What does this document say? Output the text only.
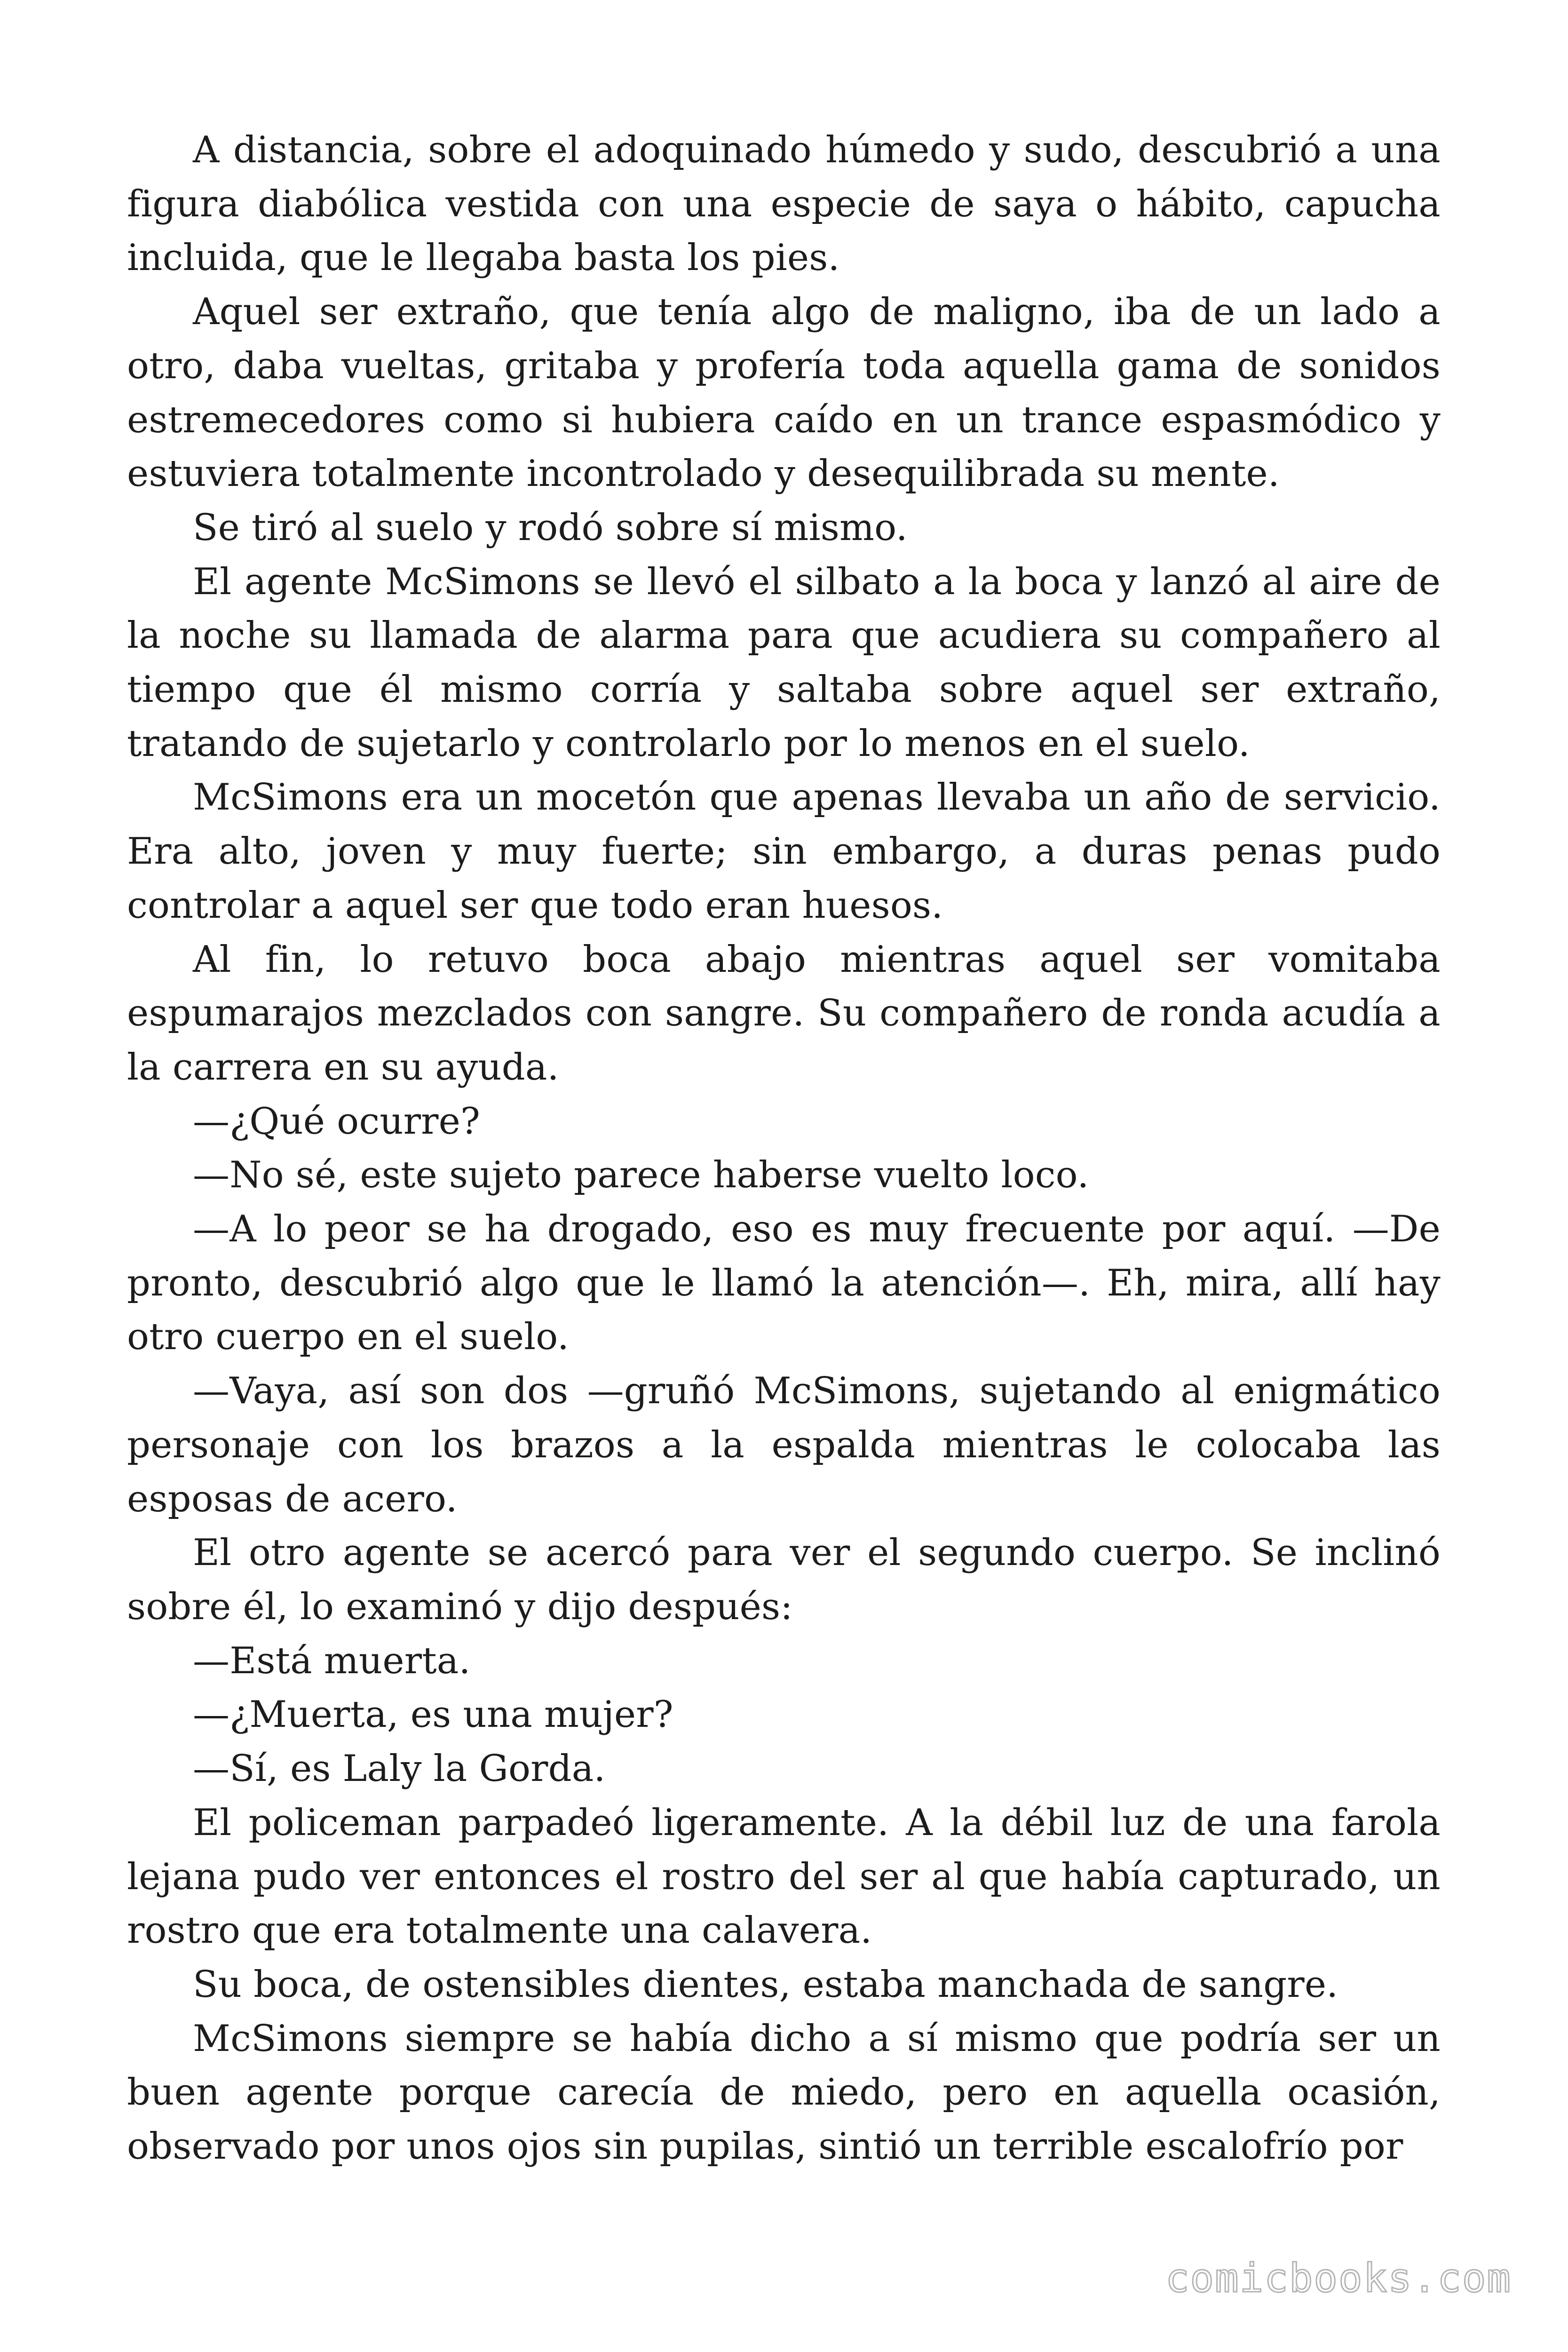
A distancia, sobre el adoquinado húmedo y sudo, descubrió a una figura diabólica vestida con una especie de saya o hábito, capucha incluida, que le llegaba basta los pies.

Aquel ser extraño, que tenía algo de maligno, iba de un lado a otro, daba vueltas, gritaba y profería toda aquella gama de sonidos estremecedores como si hubiera caído en un trance espasmódico y estuviera totalmente incontrolado y desequilibrada su mente.

Se tiró al suelo y rodó sobre sí mismo.

El agente McSimons se llevó el silbato a la boca y lanzó al aire de la noche su llamada de alarma para que acudiera su compañero al tiempo que él mismo corría y saltaba sobre aquel ser extraño, tratando de sujetarlo y controlarlo por lo menos en el suelo.

McSimons era un mocetón que apenas llevaba un año de servicio. Era alto, joven y muy fuerte; sin embargo, a duras penas pudo controlar a aquel ser que todo eran huesos.

Al fin, lo retuvo boca abajo mientras aquel ser vomitaba espumarajos mezclados con sangre. Su compañero de ronda acudía a la carrera en su ayuda.

—¿Qué ocurre?

—No sé, este sujeto parece haberse vuelto loco.

—A lo peor se ha drogado, eso es muy frecuente por aquí. —De pronto, descubrió algo que le llamó la atención—. Eh, mira, allí hay otro cuerpo en el suelo.

—Vaya, así son dos —gruñó McSimons, sujetando al enigmático personaje con los brazos a la espalda mientras le colocaba las esposas de acero.

El otro agente se acercó para ver el segundo cuerpo. Se inclinó sobre él, lo examinó y dijo después:

—Está muerta.

—¿Muerta, es una mujer?

—Sí, es Laly la Gorda.

El policeman parpadeó ligeramente. A la débil luz de una farola lejana pudo ver entonces el rostro del ser al que había capturado, un rostro que era totalmente una calavera.

Su boca, de ostensibles dientes, estaba manchada de sangre.

McSimons siempre se había dicho a sí mismo que podría ser un buen agente porque carecía de miedo, pero en aquella ocasión, observado por unos ojos sin pupilas, sintió un terrible escalofrío por

comicbooks.com
